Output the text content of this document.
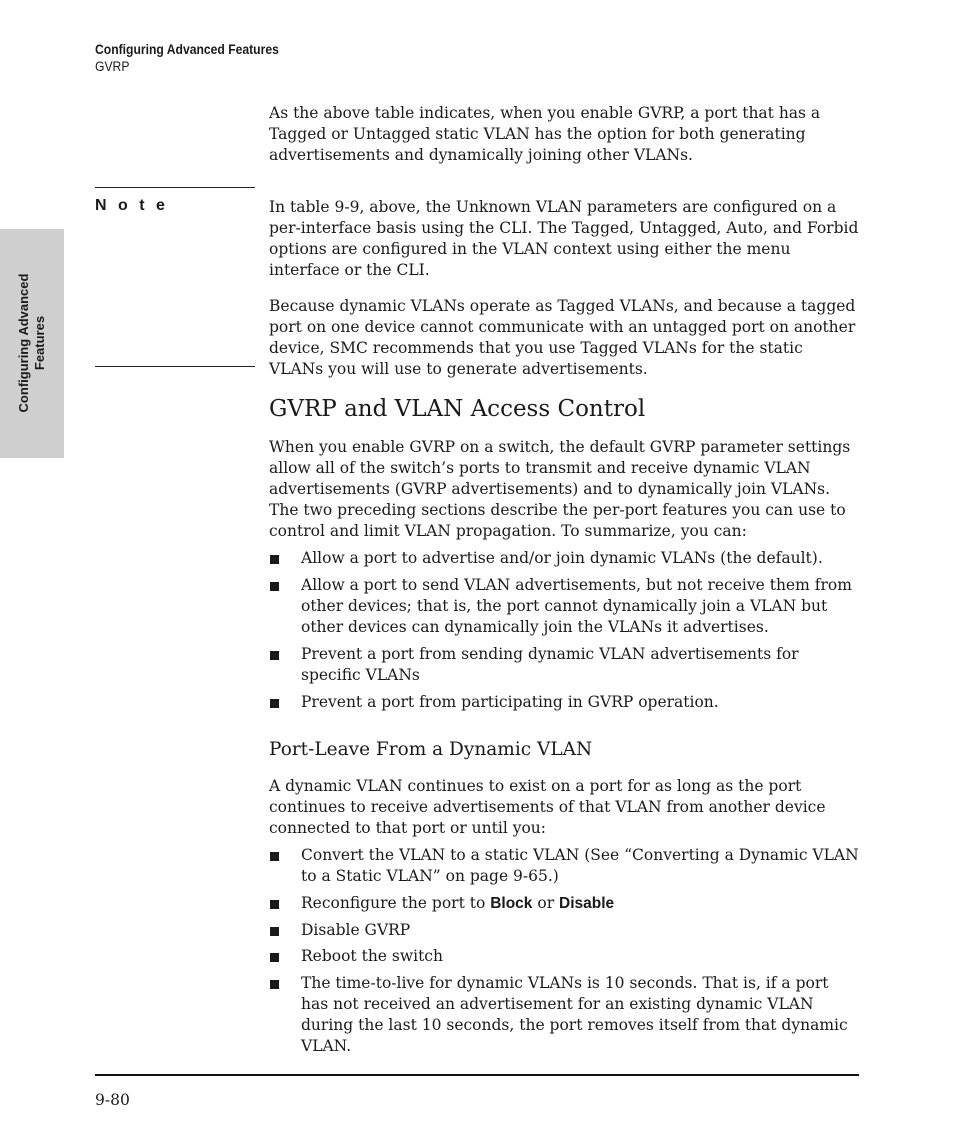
Configuring Advanced Features
GVRP
Configuring Advanced Features

As the above table indicates, when you enable GVRP, a port that has a Tagged or Untagged static VLAN has the option for both generating advertisements and dynamically joining other VLANs.

N o t e	In table 9-9, above, the Unknown VLAN parameters are configured on a per-interface basis using the CLI. The Tagged, Untagged, Auto, and Forbid options are configured in the VLAN context using either the menu interface or the CLI.

Because dynamic VLANs operate as Tagged VLANs, and because a tagged port on one device cannot communicate with an untagged port on another device, SMC recommends that you use Tagged VLANs for the static VLANs you will use to generate advertisements.

GVRP and VLAN Access Control

When you enable GVRP on a switch, the default GVRP parameter settings allow all of the switch’s ports to transmit and receive dynamic VLAN advertisements (GVRP advertisements) and to dynamically join VLANs. The two preceding sections describe the per-port features you can use to control and limit VLAN propagation. To summarize, you can:

Allow a port to advertise and/or join dynamic VLANs (the default).
Allow a port to send VLAN advertisements, but not receive them from other devices; that is, the port cannot dynamically join a VLAN but other devices can dynamically join the VLANs it advertises.
Prevent a port from sending dynamic VLAN advertisements for specific VLANs
Prevent a port from participating in GVRP operation.
Port-Leave From a Dynamic VLAN

A dynamic VLAN continues to exist on a port for as long as the port continues to receive advertisements of that VLAN from another device connected to that port or until you:

Convert the VLAN to a static VLAN (See “Converting a Dynamic VLAN to a Static VLAN” on page 9-65.)
Reconfigure the port to Block or Disable
Disable GVRP
Reboot the switch
The time-to-live for dynamic VLANs is 10 seconds. That is, if a port has not received an advertisement for an existing dynamic VLAN during the last 10 seconds, the port removes itself from that dynamic VLAN.
9-80
